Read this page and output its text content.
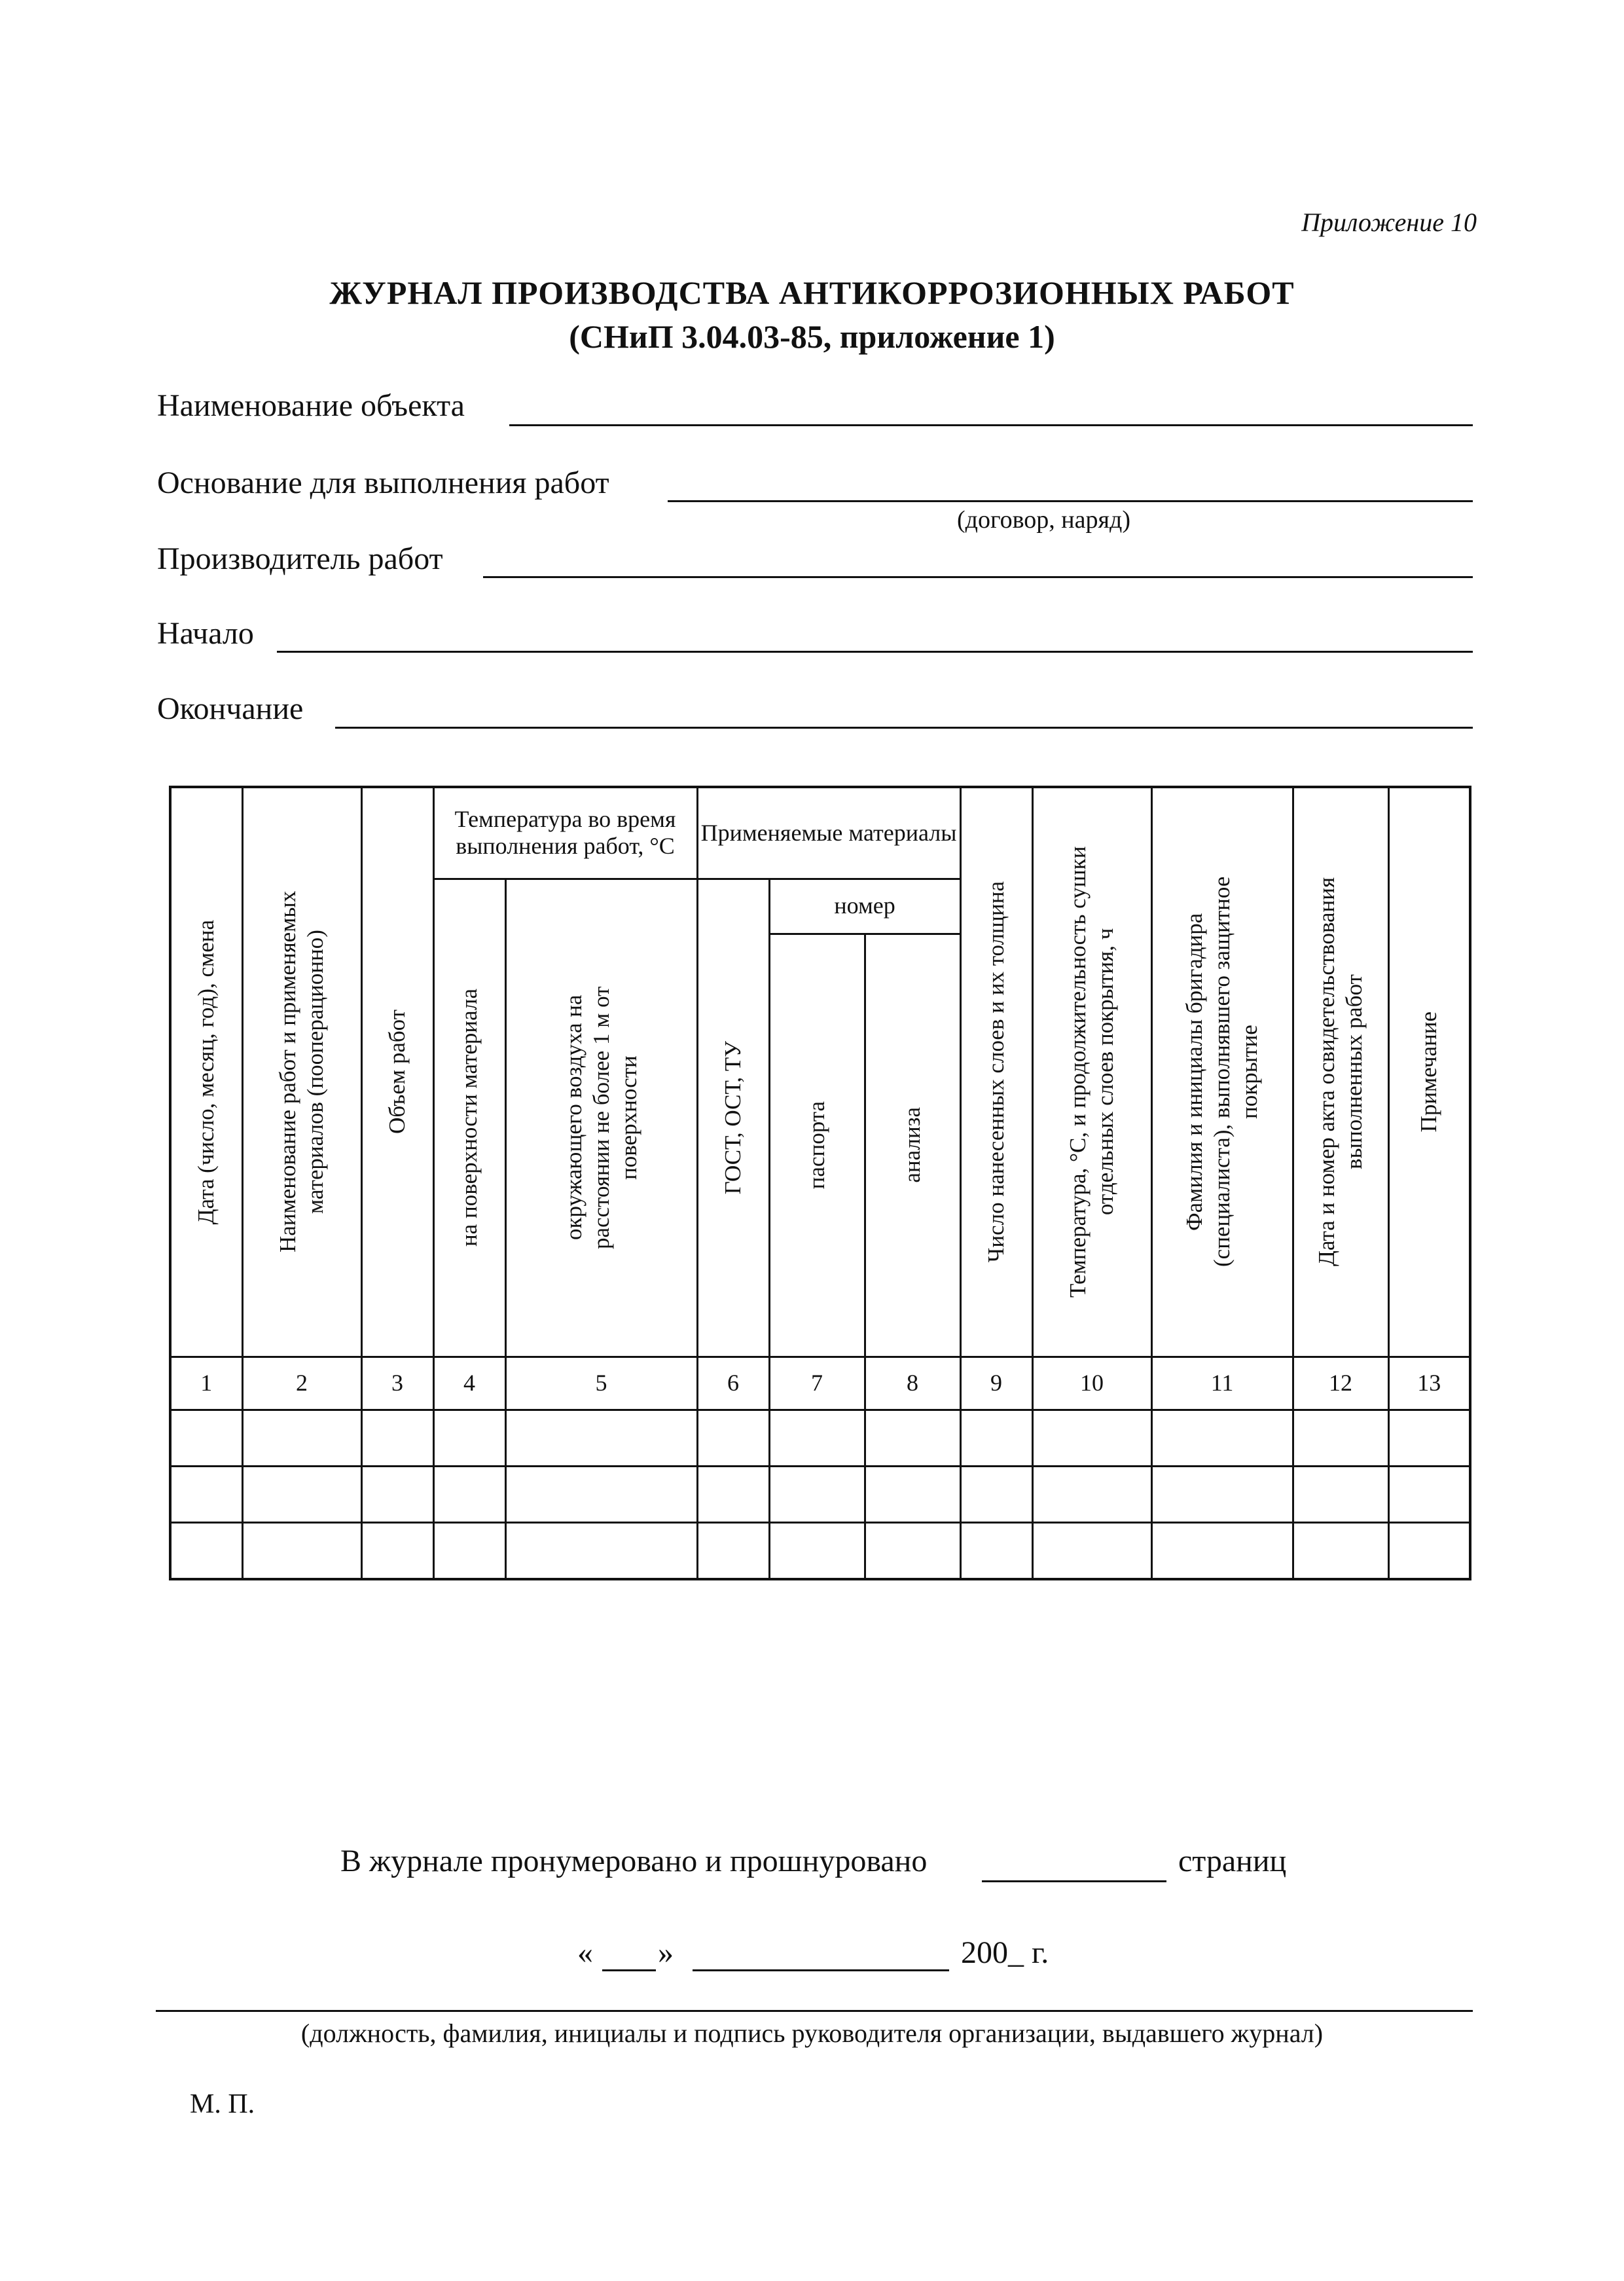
Приложение 10
ЖУРНАЛ ПРОИЗВОДСТВА АНТИКОРРОЗИОННЫХ РАБОТ
(СНиП 3.04.03-85, приложение 1)
Наименование объекта
Основание для выполнения работ
(договор, наряд)
Производитель работ
Начало
Окончание
Дата (число, месяц, год), смена	Наименование работ и применяемых материалов (пооперационно)	Объем работ	Температура во время выполнения работ, °С		Применяемые материалы			Число нанесенных слоев и их толщина	Температура, °С, и продолжительность сушки отдельных слоев покрытия, ч	Фамилия и инициалы бригадира (специалиста), выполнявшего защитное покрытие	Дата и номер акта освидетельствования выполненных работ	Примечание

			на поверхности материала	окружающего воздуха на расстоянии не более 1 м от поверхности	ГОСТ, ОСТ, ТУ	номер						

						паспорта	анализа					

1	2	3	4	5	6	7	8	9	10	11	12	13

В журнале пронумеровано и прошнуровано	страниц
« »	200_ г.
(должность, фамилия, инициалы и подпись руководителя организации, выдавшего журнал)
М. П.
